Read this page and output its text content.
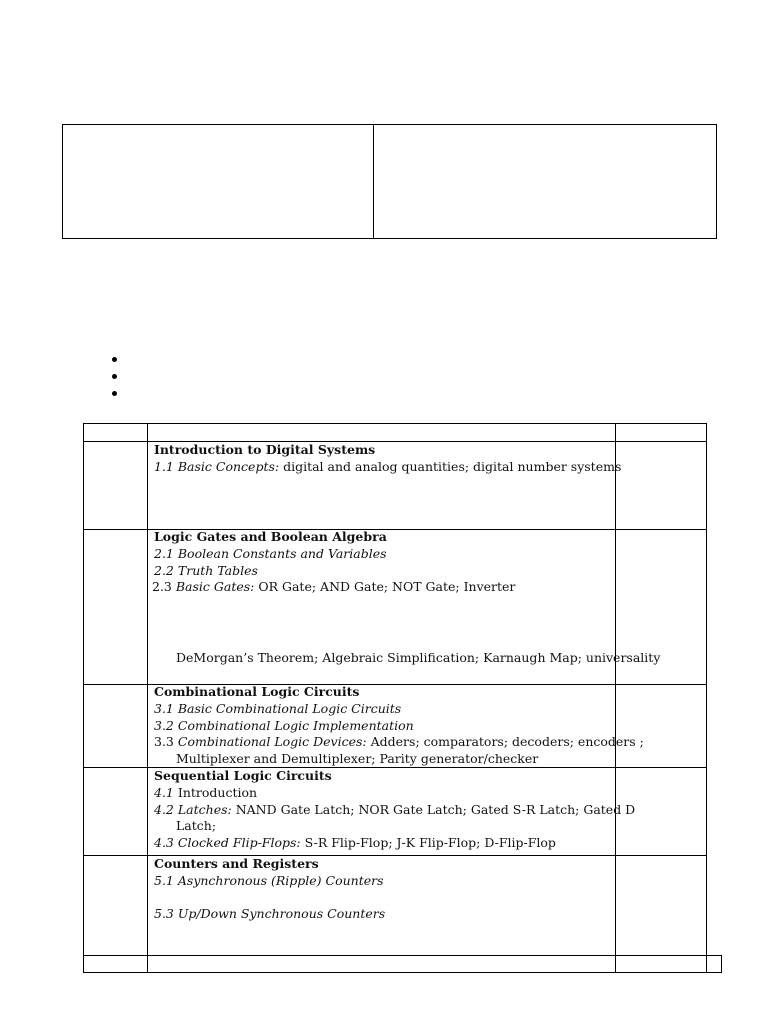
Introduction to Digital Systems
1.1 Basic Concepts: digital and analog quantities; digital number systems
Logic Gates and Boolean Algebra
2.1 Boolean Constants and Variables
2.2 Truth Tables
2.3 Basic Gates: OR Gate; AND Gate; NOT Gate; Inverter
DeMorgan’s Theorem; Algebraic Simplification; Karnaugh Map; universality
Combinational Logic Circuits
3.1 Basic Combinational Logic Circuits
3.2 Combinational Logic Implementation
3.3 Combinational Logic Devices: Adders; comparators; decoders; encoders ;
Multiplexer and Demultiplexer; Parity generator/checker
Sequential Logic Circuits
4.1 Introduction
4.2 Latches: NAND Gate Latch; NOR Gate Latch; Gated S-R Latch; Gated D
Latch;
4.3 Clocked Flip-Flops: S-R Flip-Flop; J-K Flip-Flop; D-Flip-Flop
Counters and Registers
5.1 Asynchronous (Ripple) Counters
5.3 Up/Down Synchronous Counters
